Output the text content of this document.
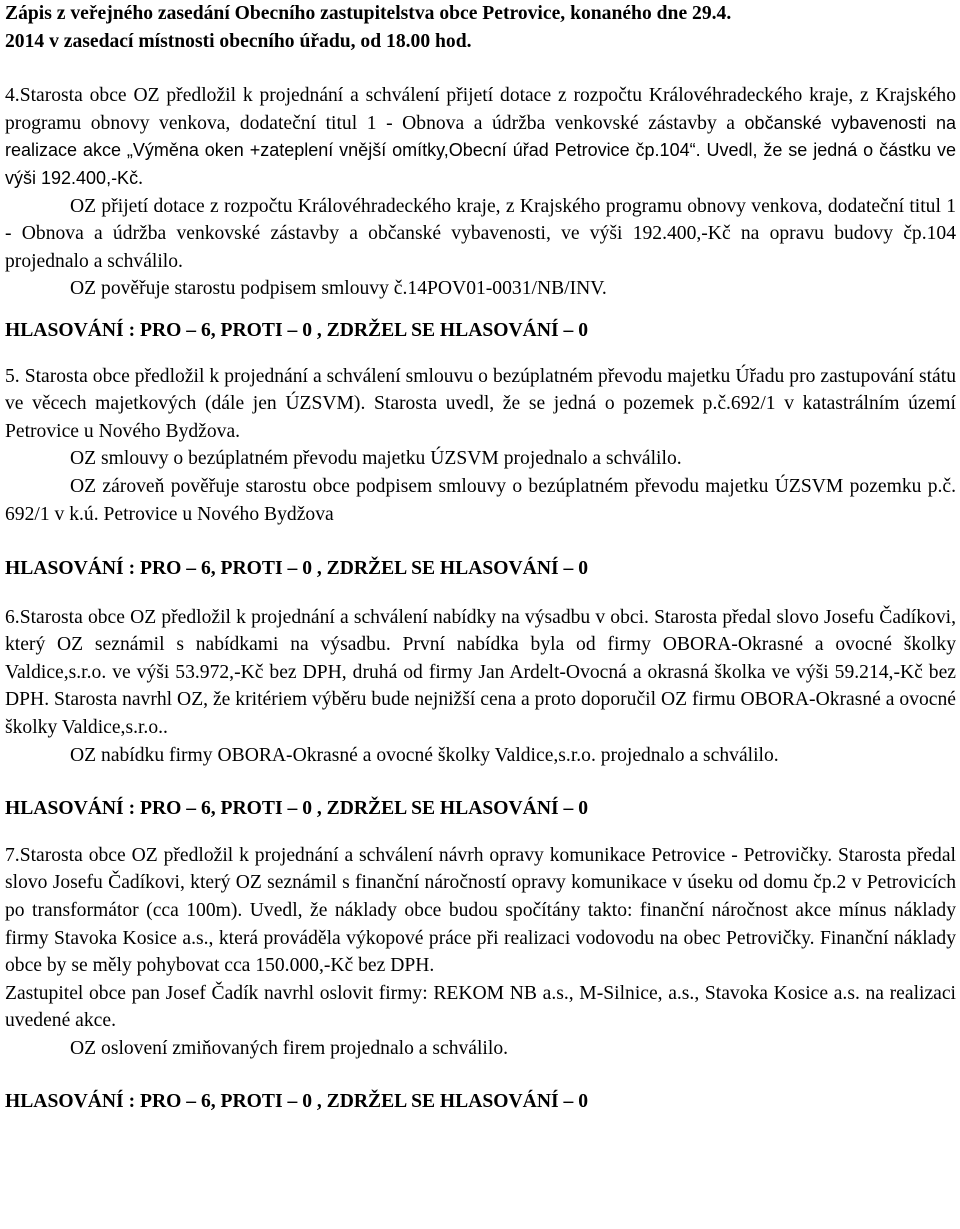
Zápis z veřejného zasedání Obecního zastupitelstva obce Petrovice, konaného dne 29.4.
2014 v zasedací místnosti obecního úřadu, od 18.00 hod.

4.Starosta obce OZ předložil k projednání a schválení přijetí dotace z rozpočtu Královéhradeckého kraje, z Krajského programu obnovy venkova, dodateční titul 1 - Obnova a údržba venkovské zástavby a občanské vybavenosti na realizace akce „Výměna oken +zateplení vnější omítky,Obecní úřad Petrovice čp.104“. Uvedl, že se jedná o částku ve výši 192.400,-Kč.

OZ přijetí dotace z rozpočtu Královéhradeckého kraje, z Krajského programu obnovy venkova, dodateční titul 1 - Obnova a údržba venkovské zástavby a občanské vybavenosti, ve výši 192.400,-Kč na opravu budovy čp.104 projednalo a schválilo.

OZ pověřuje starostu podpisem smlouvy č.14POV01-0031/NB/INV.

HLASOVÁNÍ : PRO – 6, PROTI – 0 , ZDRŽEL SE HLASOVÁNÍ – 0

5. Starosta obce předložil k projednání a schválení smlouvu o bezúplatném převodu majetku Úřadu pro zastupování státu ve věcech majetkových (dále jen ÚZSVM). Starosta uvedl, že se jedná o pozemek p.č.692/1 v katastrálním území Petrovice u Nového Bydžova.

OZ smlouvy o bezúplatném převodu majetku ÚZSVM projednalo a schválilo.

OZ zároveň pověřuje starostu obce podpisem smlouvy o bezúplatném převodu majetku ÚZSVM pozemku p.č. 692/1 v k.ú. Petrovice u Nového Bydžova

HLASOVÁNÍ : PRO – 6, PROTI – 0 , ZDRŽEL SE HLASOVÁNÍ – 0

6.Starosta obce OZ předložil k projednání a schválení nabídky na výsadbu v obci. Starosta předal slovo Josefu Čadíkovi, který OZ seznámil s nabídkami na výsadbu. První nabídka byla od firmy OBORA-Okrasné a ovocné školky Valdice,s.r.o. ve výši 53.972,-Kč bez DPH, druhá od firmy Jan Ardelt-Ovocná a okrasná školka ve výši 59.214,-Kč bez DPH. Starosta navrhl OZ, že kritériem výběru bude nejnižší cena a proto doporučil OZ firmu OBORA-Okrasné a ovocné školky Valdice,s.r.o..

OZ nabídku firmy OBORA-Okrasné a ovocné školky Valdice,s.r.o. projednalo a schválilo.

HLASOVÁNÍ : PRO – 6, PROTI – 0 , ZDRŽEL SE HLASOVÁNÍ – 0

7.Starosta obce OZ předložil k projednání a schválení návrh opravy komunikace Petrovice - Petrovičky. Starosta předal slovo Josefu Čadíkovi, který OZ seznámil s finanční náročností opravy komunikace v úseku od domu čp.2 v Petrovicích po transformátor (cca 100m). Uvedl, že náklady obce budou spočítány takto: finanční náročnost akce mínus náklady firmy Stavoka Kosice a.s., která prováděla výkopové práce při realizaci vodovodu na obec Petrovičky. Finanční náklady obce by se měly pohybovat cca 150.000,-Kč bez DPH.

Zastupitel obce pan Josef Čadík navrhl oslovit firmy: REKOM NB a.s., M-Silnice, a.s., Stavoka Kosice a.s. na realizaci uvedené akce.

OZ oslovení zmiňovaných firem projednalo a schválilo.

HLASOVÁNÍ : PRO – 6, PROTI – 0 , ZDRŽEL SE HLASOVÁNÍ – 0
